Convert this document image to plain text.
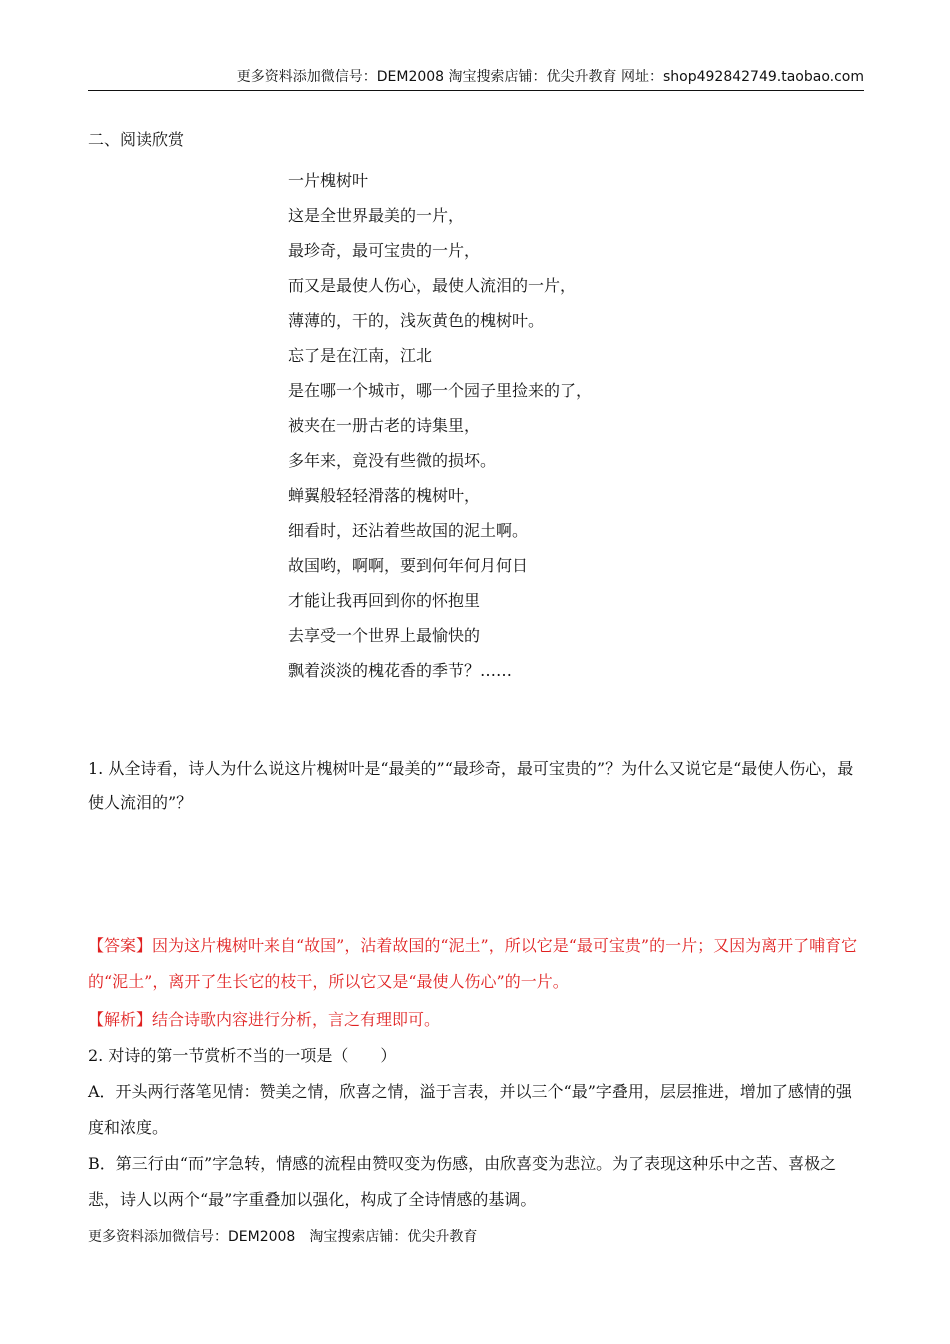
更多资料添加微信号：DEM2008 淘宝搜索店铺：优尖升教育 网址：shop492842749.taobao.com
二、阅读欣赏
一片槐树叶
这是全世界最美的一片，
最珍奇，最可宝贵的一片，
而又是最使人伤心，最使人流泪的一片，
薄薄的，干的，浅灰黄色的槐树叶。
忘了是在江南，江北
是在哪一个城市，哪一个园子里捡来的了，
被夹在一册古老的诗集里，
多年来，竟没有些微的损坏。
蝉翼般轻轻滑落的槐树叶，
细看时，还沾着些故国的泥土啊。
故国哟，啊啊，要到何年何月何日
才能让我再回到你的怀抱里
去享受一个世界上最愉快的
飘着淡淡的槐花香的季节？……
1. 从全诗看，诗人为什么说这片槐树叶是“最美的”“最珍奇，最可宝贵的”？为什么又说它是“最使人伤心，最使人流泪的”？
【答案】因为这片槐树叶来自“故国”，沾着故国的“泥土”，所以它是“最可宝贵”的一片；又因为离开了哺育它的“泥土”，离开了生长它的枝干，所以它又是“最使人伤心”的一片。
【解析】结合诗歌内容进行分析，言之有理即可。
2. 对诗的第一节赏析不当的一项是（　　）
A．开头两行落笔见情：赞美之情，欣喜之情，溢于言表，并以三个“最”字叠用，层层推进，增加了感情的强度和浓度。
B．第三行由“而”字急转，情感的流程由赞叹变为伤感，由欣喜变为悲泣。为了表现这种乐中之苦、喜极之悲，诗人以两个“最”字重叠加以强化，构成了全诗情感的基调。
更多资料添加微信号：DEM2008　淘宝搜索店铺：优尖升教育
